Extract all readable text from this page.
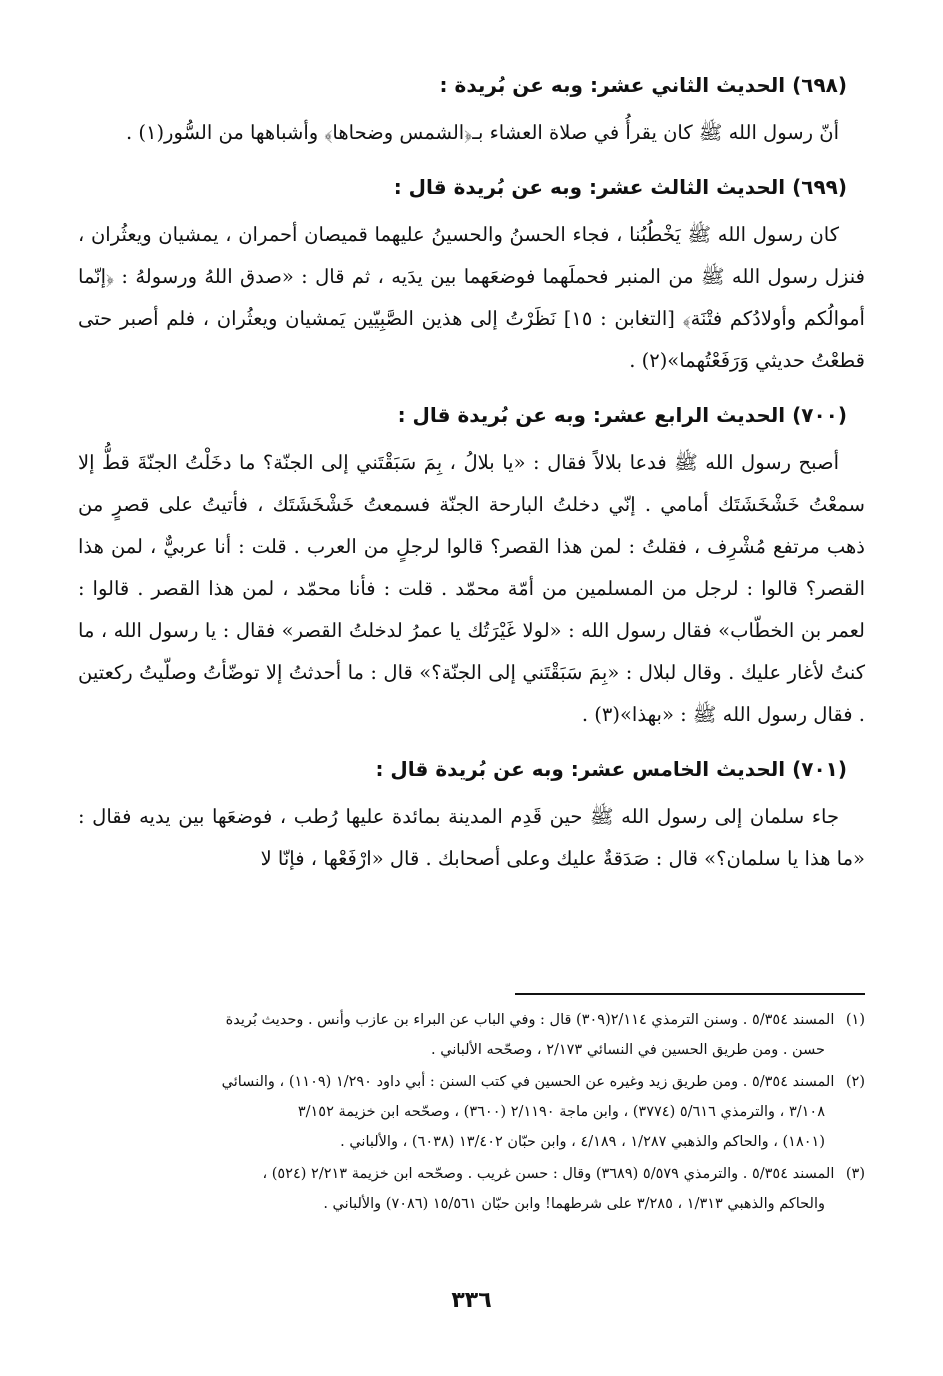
(٦٩٨) الحديث الثاني عشر: وبه عن بُريدة :

أنّ رسول الله ﷺ كان يقرأُ في صلاة العشاء بـ﴿الشمس وضحاها﴾ وأشباهها من السُّور(١) .

(٦٩٩) الحديث الثالث عشر: وبه عن بُريدة قال :

كان رسول الله ﷺ يَخْطُبُنا ، فجاء الحسنُ والحسينُ عليهما قميصان أحمران ، يمشيان ويعثُران ، فنزل رسول الله ﷺ من المنبر فحملَهما فوضعَهما بين يدَيه ، ثم قال : «صدق اللهُ ورسولهُ : ﴿إنّما أموالُكم وأولادُكم فتْنَة﴾ [التغابن : ١٥] نَظَرْتُ إلى هذين الصَّبِيّين يَمشيان ويعثُران ، فلم أصبر حتى قطعْتُ حديثي وَرَفَعْتُهما»(٢) .

(٧٠٠) الحديث الرابع عشر: وبه عن بُريدة قال :

أصبح رسول الله ﷺ فدعا بلالاً فقال : «يا بلالُ ، بِمَ سَبَقْتَني إلى الجنّة؟ ما دخَلْتُ الجنّةَ قطُّ إلا سمعْتُ خَشْخَشَتَك أمامي . إنّي دخلتُ البارحة الجنّة فسمعتُ خَشْخَشَتَك ، فأتيتُ على قصرٍ من ذهب مرتفع مُشْرِف ، فقلتُ : لمن هذا القصر؟ قالوا لرجلٍ من العرب . قلت : أنا عربيٌّ ، لمن هذا القصر؟ قالوا : لرجل من المسلمين من أمّة محمّد . قلت : فأنا محمّد ، لمن هذا القصر . قالوا : لعمر بن الخطّاب» فقال رسول الله : «لولا غَيْرَتُك يا عمرُ لدخلتُ القصر» فقال : يا رسول الله ، ما كنتُ لأغار عليك . وقال لبلال : «بِمَ سَبَقْتَني إلى الجنّة؟» قال : ما أحدثتُ إلا توضّأتُ وصلّيتُ ركعتين . فقال رسول الله ﷺ : «بهذا»(٣) .

(٧٠١) الحديث الخامس عشر: وبه عن بُريدة قال :

جاء سلمان إلى رسول الله ﷺ حين قَدِم المدينة بمائدة عليها رُطب ، فوضعَها بين يديه فقال : «ما هذا يا سلمان؟» قال : صَدَقةٌ عليك وعلى أصحابك . قال «ارْفَعْها ، فإنّا لا

(١) المسند ٥/٣٥٤ . وسنن الترمذي ٢/١١٤(٣٠٩) قال : وفي الباب عن البراء بن عازب وأنس . وحديث بُريدة
حسن . ومن طريق الحسين في النسائي ٢/١٧٣ ، وصحّحه الألباني .
(٢) المسند ٥/٣٥٤ . ومن طريق زيد وغيره عن الحسين في كتب السنن : أبي داود ١/٢٩٠ (١١٠٩) ، والنسائي
٣/١٠٨ ، والترمذي ٥/٦١٦ (٣٧٧٤) ، وابن ماجة ٢/١١٩٠ (٣٦٠٠) ، وصحّحه ابن خزيمة ٣/١٥٢
(١٨٠١) ، والحاكم والذهبي ١/٢٨٧ ، ٤/١٨٩ ، وابن حبّان ١٣/٤٠٢ (٦٠٣٨) ، والألباني .
(٣) المسند ٥/٣٥٤ . والترمذي ٥/٥٧٩ (٣٦٨٩) وقال : حسن غريب . وصحّحه ابن خزيمة ٢/٢١٣ (٥٢٤) ،
والحاكم والذهبي ١/٣١٣ ، ٣/٢٨٥ على شرطهما! وابن حبّان ١٥/٥٦١ (٧٠٨٦) والألباني .
٣٣٦
